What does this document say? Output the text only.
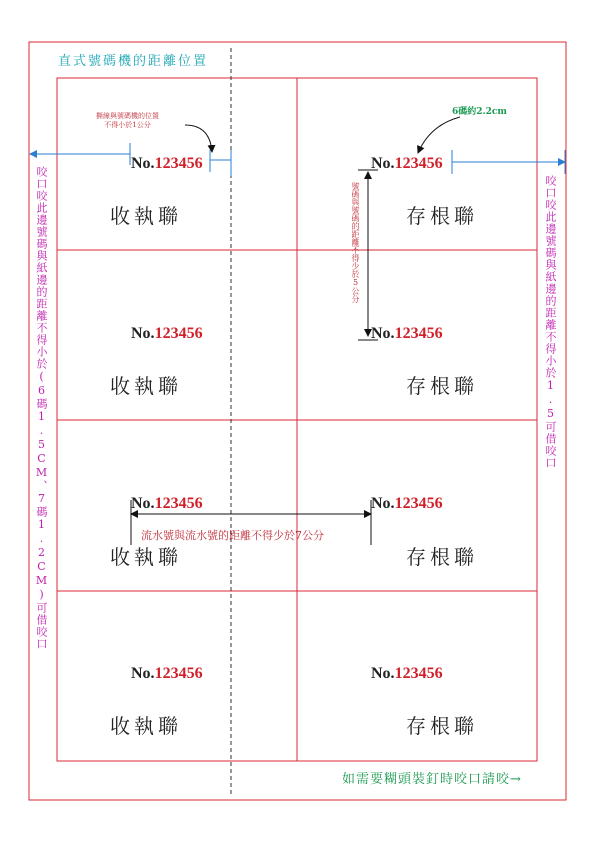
直式號碼機的距離位置
撕線與號碼機的位置
不得小於1公分
6碼約2.2cm
號碼與號碼的距離不得少於5公分
流水號與流水號的距離不得少於7公分
咬口咬此邊號碼與紙邊的距離不得小於(6碼1.5CM、7碼1.2CM)可借咬口	咬口咬此邊號碼與紙邊的距離不得小於1.5可借咬口
如需要糊頭裝釘時咬口請咬→
No.123456
收執聯
No.123456
存根聯
No.123456
收執聯
No.123456
存根聯
No.123456
收執聯
No.123456
存根聯
No.123456
收執聯
No.123456
存根聯
